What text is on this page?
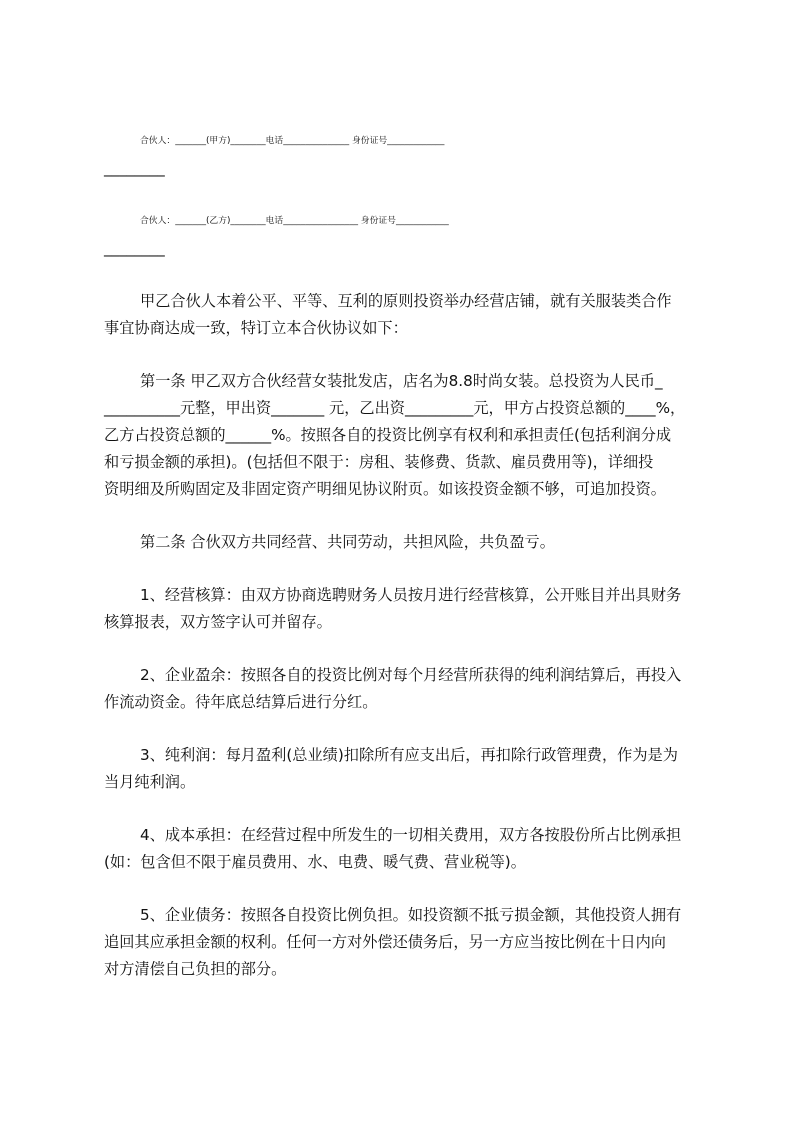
合伙人：_______(甲方)________电话_______________ 身份证号_____________
________
合伙人：_______(乙方)________电话_________________ 身份证号____________
________
甲乙合伙人本着公平、平等、互利的原则投资举办经营店铺，就有关服装类合作
事宜协商达成一致，特订立本合伙协议如下：
第一条 甲乙双方合伙经营女装批发店，店名为8.8时尚女装。总投资为人民币_
__________元整，甲出资_______ 元，乙出资_________元，甲方占投资总额的____%，
乙方占投资总额的______%。按照各自的投资比例享有权利和承担责任(包括利润分成
和亏损金额的承担)。(包括但不限于：房租、装修费、货款、雇员费用等)，详细投
资明细及所购固定及非固定资产明细见协议附页。如该投资金额不够，可追加投资。
第二条 合伙双方共同经营、共同劳动，共担风险，共负盈亏。
1、经营核算：由双方协商选聘财务人员按月进行经营核算，公开账目并出具财务
核算报表，双方签字认可并留存。
2、企业盈余：按照各自的投资比例对每个月经营所获得的纯利润结算后，再投入
作流动资金。待年底总结算后进行分红。
3、纯利润：每月盈利(总业绩)扣除所有应支出后，再扣除行政管理费，作为是为
当月纯利润。
4、成本承担：在经营过程中所发生的一切相关费用，双方各按股份所占比例承担
(如：包含但不限于雇员费用、水、电费、暖气费、营业税等)。
5、企业债务：按照各自投资比例负担。如投资额不抵亏损金额，其他投资人拥有
追回其应承担金额的权利。任何一方对外偿还债务后，另一方应当按比例在十日内向
对方清偿自己负担的部分。
